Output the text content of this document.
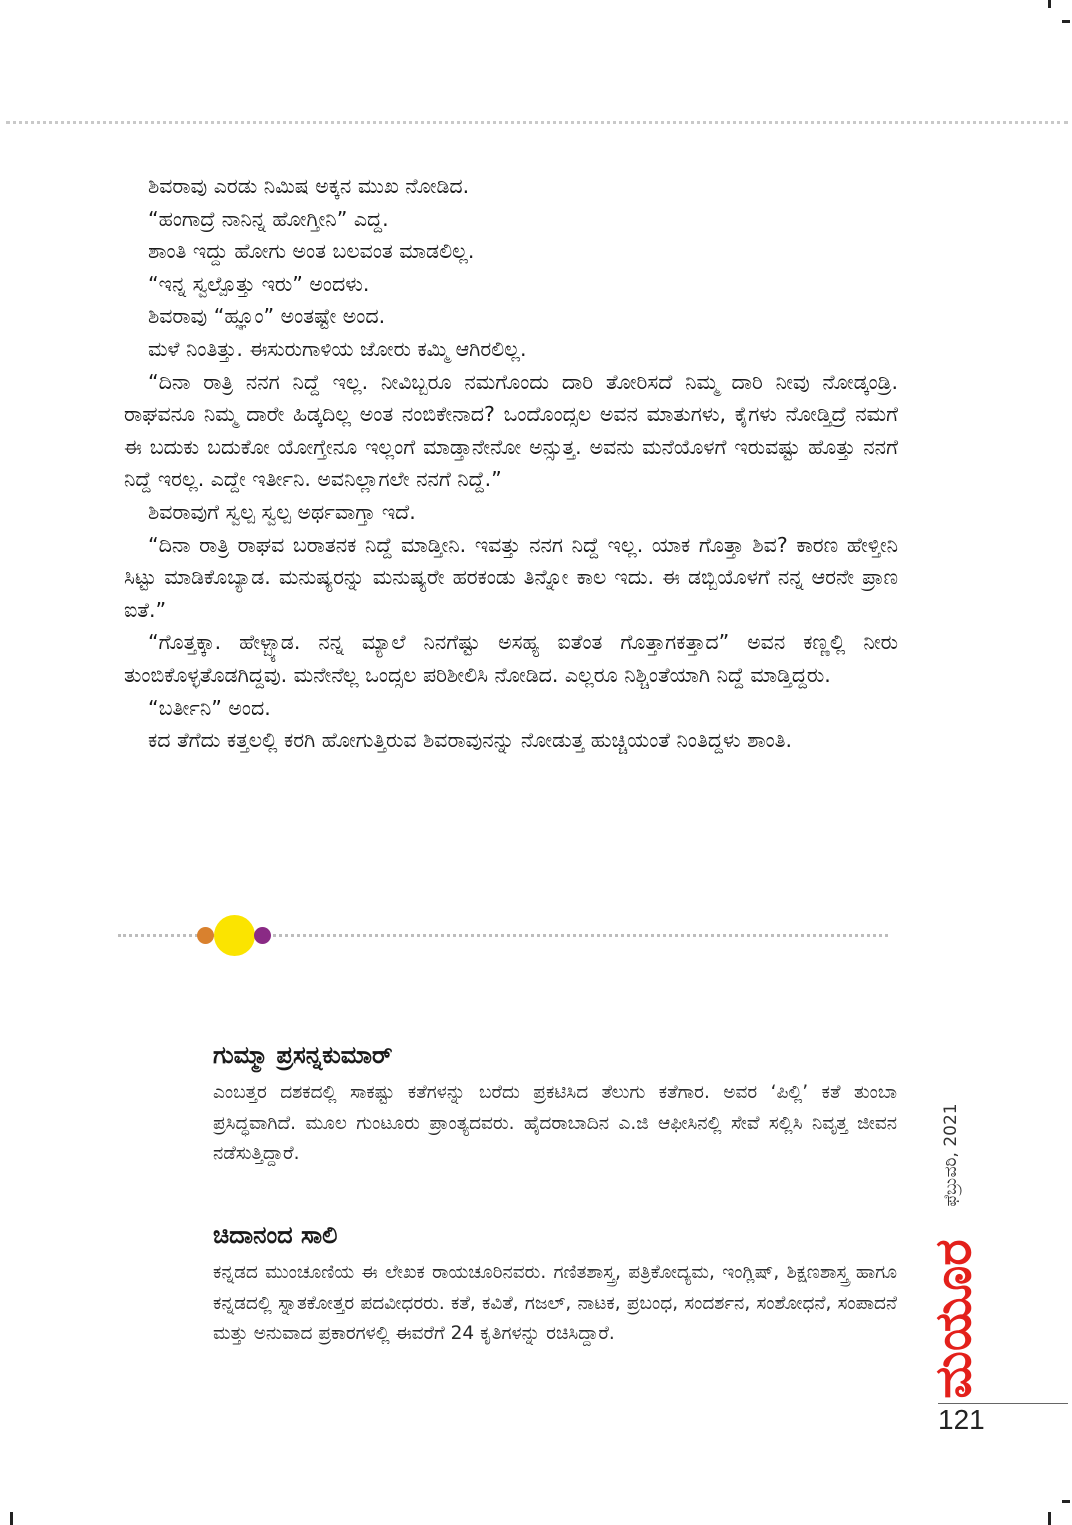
ಶಿವರಾವು ಎರಡು ನಿಮಿಷ ಅಕ್ಕನ ಮುಖ ನೋಡಿದ.

“ಹಂಗಾದ್ರೆ ನಾನಿನ್ನ ಹೋಗ್ತೀನಿ” ಎದ್ದ.

ಶಾಂತಿ ಇದ್ದು ಹೋಗು ಅಂತ ಬಲವಂತ ಮಾಡಲಿಲ್ಲ.

“ಇನ್ನ ಸ್ವಲ್ಪೊತ್ತು ಇರು” ಅಂದಳು.

ಶಿವರಾವು “ಹ್ಞೂಂ” ಅಂತಷ್ಟೇ ಅಂದ.

ಮಳೆ ನಿಂತಿತ್ತು. ಈಸುರುಗಾಳಿಯ ಜೋರು ಕಮ್ಮಿ ಆಗಿರಲಿಲ್ಲ.

“ದಿನಾ ರಾತ್ರಿ ನನಗ ನಿದ್ದೆ ಇಲ್ಲ. ನೀವಿಬ್ಬರೂ ನಮಗೊಂದು ದಾರಿ ತೋರಿಸದೆ ನಿಮ್ಮ ದಾರಿ ನೀವು ನೋಡ್ಕಂಡ್ರಿ. ರಾಘವನೂ ನಿಮ್ಮ ದಾರೇ ಹಿಡ್ಕದಿಲ್ಲ ಅಂತ ನಂಬಿಕೇನಾದ? ಒಂದೊಂದ್ಸಲ ಅವನ ಮಾತುಗಳು, ಕೈಗಳು ನೋಡ್ತಿದ್ರೆ ನಮಗೆ ಈ ಬದುಕು ಬದುಕೋ ಯೋಗ್ತೇನೂ ಇಲ್ಲಂಗೆ ಮಾಡ್ತಾನೇನೋ ಅನ್ಸುತ್ತ. ಅವನು ಮನೆಯೊಳಗೆ ಇರುವಷ್ಟು ಹೊತ್ತು ನನಗೆ ನಿದ್ದೆ ಇರಲ್ಲ. ಎದ್ದೇ ಇರ್ತೀನಿ. ಅವನಿಲ್ಲಾಗಲೇ ನನಗೆ ನಿದ್ದೆ.”

ಶಿವರಾವುಗೆ ಸ್ವಲ್ಪ ಸ್ವಲ್ಪ ಅರ್ಥವಾಗ್ತಾ ಇದೆ.

“ದಿನಾ ರಾತ್ರಿ ರಾಘವ ಬರಾತನಕ ನಿದ್ದೆ ಮಾಡ್ತೀನಿ. ಇವತ್ತು ನನಗ ನಿದ್ದೆ ಇಲ್ಲ. ಯಾಕ ಗೊತ್ತಾ ಶಿವ? ಕಾರಣ ಹೇಳ್ತೀನಿ ಸಿಟ್ಟು ಮಾಡಿಕೊಬ್ಯಾಡ. ಮನುಷ್ಯರನ್ನು ಮನುಷ್ಯರೇ ಹರಕಂಡು ತಿನ್ನೋ ಕಾಲ ಇದು. ಈ ಡಬ್ಬಿಯೊಳಗೆ ನನ್ನ ಆರನೇ ಪ್ರಾಣ ಐತೆ.”

“ಗೊತ್ತಕ್ಕಾ. ಹೇಳ್ಬ್ಯಾಡ. ನನ್ನ ಮ್ಯಾಲೆ ನಿನಗೆಷ್ಟು ಅಸಹ್ಯ ಐತೆಂತ ಗೊತ್ತಾಗಕತ್ತಾದ” ಅವನ ಕಣ್ಣಲ್ಲಿ ನೀರು ತುಂಬಿಕೊಳ್ಳತೊಡಗಿದ್ದವು. ಮನೇನೆಲ್ಲ ಒಂದ್ಸಲ ಪರಿಶೀಲಿಸಿ ನೋಡಿದ. ಎಲ್ಲರೂ ನಿಶ್ಚಿಂತೆಯಾಗಿ ನಿದ್ದೆ ಮಾಡ್ತಿದ್ದರು.

“ಬರ್ತೀನಿ” ಅಂದ.

ಕದ ತೆಗೆದು ಕತ್ತಲಲ್ಲಿ ಕರಗಿ ಹೋಗುತ್ತಿರುವ ಶಿವರಾವುನನ್ನು ನೋಡುತ್ತ ಹುಚ್ಚಿಯಂತೆ ನಿಂತಿದ್ದಳು ಶಾಂತಿ.

ಗುಮ್ಮಾ ಪ್ರಸನ್ನಕುಮಾರ್

ಎಂಬತ್ತರ ದಶಕದಲ್ಲಿ ಸಾಕಷ್ಟು ಕತೆಗಳನ್ನು ಬರೆದು ಪ್ರಕಟಿಸಿದ ತೆಲುಗು ಕತೆಗಾರ. ಅವರ ‘ಪಿಲ್ಲಿ’ ಕತೆ ತುಂಬಾ ಪ್ರಸಿದ್ಧವಾಗಿದೆ. ಮೂಲ ಗುಂಟೂರು ಪ್ರಾಂತ್ಯದವರು. ಹೈದರಾಬಾದಿನ ಎ.ಜಿ ಆಫೀಸಿನಲ್ಲಿ ಸೇವೆ ಸಲ್ಲಿಸಿ ನಿವೃತ್ತ ಜೀವನ ನಡೆಸುತ್ತಿದ್ದಾರೆ.

ಚಿದಾನಂದ ಸಾಲಿ

ಕನ್ನಡದ ಮುಂಚೂಣಿಯ ಈ ಲೇಖಕ ರಾಯಚೂರಿನವರು. ಗಣಿತಶಾಸ್ತ್ರ, ಪತ್ರಿಕೋದ್ಯಮ, ಇಂಗ್ಲಿಷ್, ಶಿಕ್ಷಣಶಾಸ್ತ್ರ ಹಾಗೂ ಕನ್ನಡದಲ್ಲಿ ಸ್ನಾತಕೋತ್ತರ ಪದವೀಧರರು. ಕತೆ, ಕವಿತೆ, ಗಜಲ್, ನಾಟಕ, ಪ್ರಬಂಧ, ಸಂದರ್ಶನ, ಸಂಶೋಧನೆ, ಸಂಪಾದನೆ ಮತ್ತು ಅನುವಾದ ಪ್ರಕಾರಗಳಲ್ಲಿ ಈವರೆಗೆ 24 ಕೃತಿಗಳನ್ನು ರಚಿಸಿದ್ದಾರೆ.

ಫೆಬ್ರುವರಿ, 2021
ಮಯೂರ
121
